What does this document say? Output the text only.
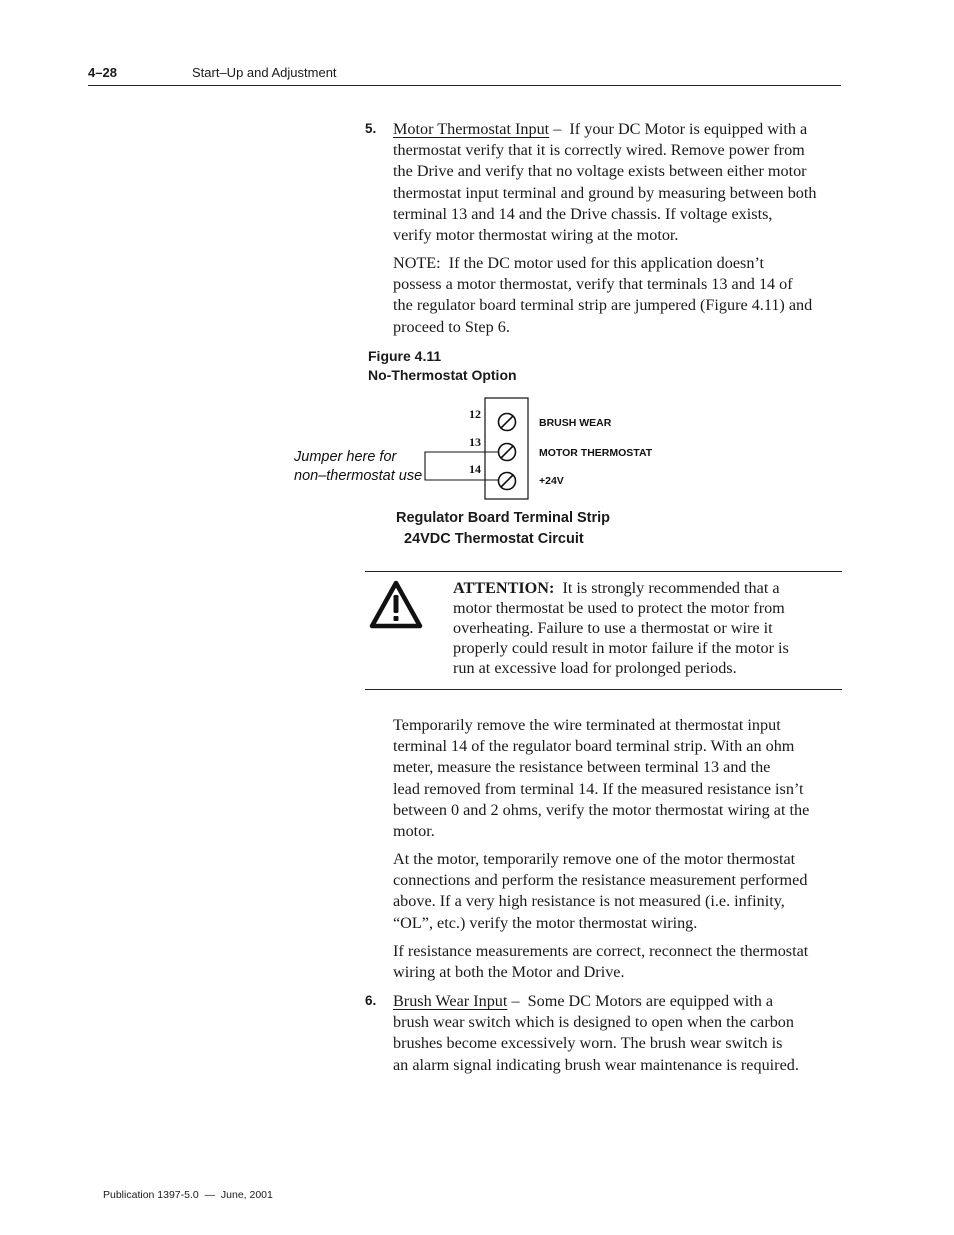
4–28	Start–Up and Adjustment
5. Motor Thermostat Input –  If your DC Motor is equipped with a
thermostat verify that it is correctly wired. Remove power from
the Drive and verify that no voltage exists between either motor
thermostat input terminal and ground by measuring between both
terminal 13 and 14 and the Drive chassis. If voltage exists,
verify motor thermostat wiring at the motor.
NOTE:  If the DC motor used for this application doesn’t
possess a motor thermostat, verify that terminals 13 and 14 of
the regulator board terminal strip are jumpered (Figure 4.11) and
proceed to Step 6.
Figure 4.11
No-Thermostat Option
12
13
14
BRUSH WEAR
MOTOR THERMOSTAT
+24V
Jumper here for
non–thermostat use
Regulator Board Terminal Strip
24VDC Thermostat Circuit
ATTENTION:  It is strongly recommended that a
motor thermostat be used to protect the motor from
overheating. Failure to use a thermostat or wire it
properly could result in motor failure if the motor is
run at excessive load for prolonged periods.
Temporarily remove the wire terminated at thermostat input
terminal 14 of the regulator board terminal strip. With an ohm
meter, measure the resistance between terminal 13 and the
lead removed from terminal 14. If the measured resistance isn’t
between 0 and 2 ohms, verify the motor thermostat wiring at the
motor.
At the motor, temporarily remove one of the motor thermostat
connections and perform the resistance measurement performed
above. If a very high resistance is not measured (i.e. infinity,
“OL”, etc.) verify the motor thermostat wiring.
If resistance measurements are correct, reconnect the thermostat
wiring at both the Motor and Drive.
6. Brush Wear Input –  Some DC Motors are equipped with a
brush wear switch which is designed to open when the carbon
brushes become excessively worn. The brush wear switch is
an alarm signal indicating brush wear maintenance is required.
Publication 1397-5.0  —  June, 2001
